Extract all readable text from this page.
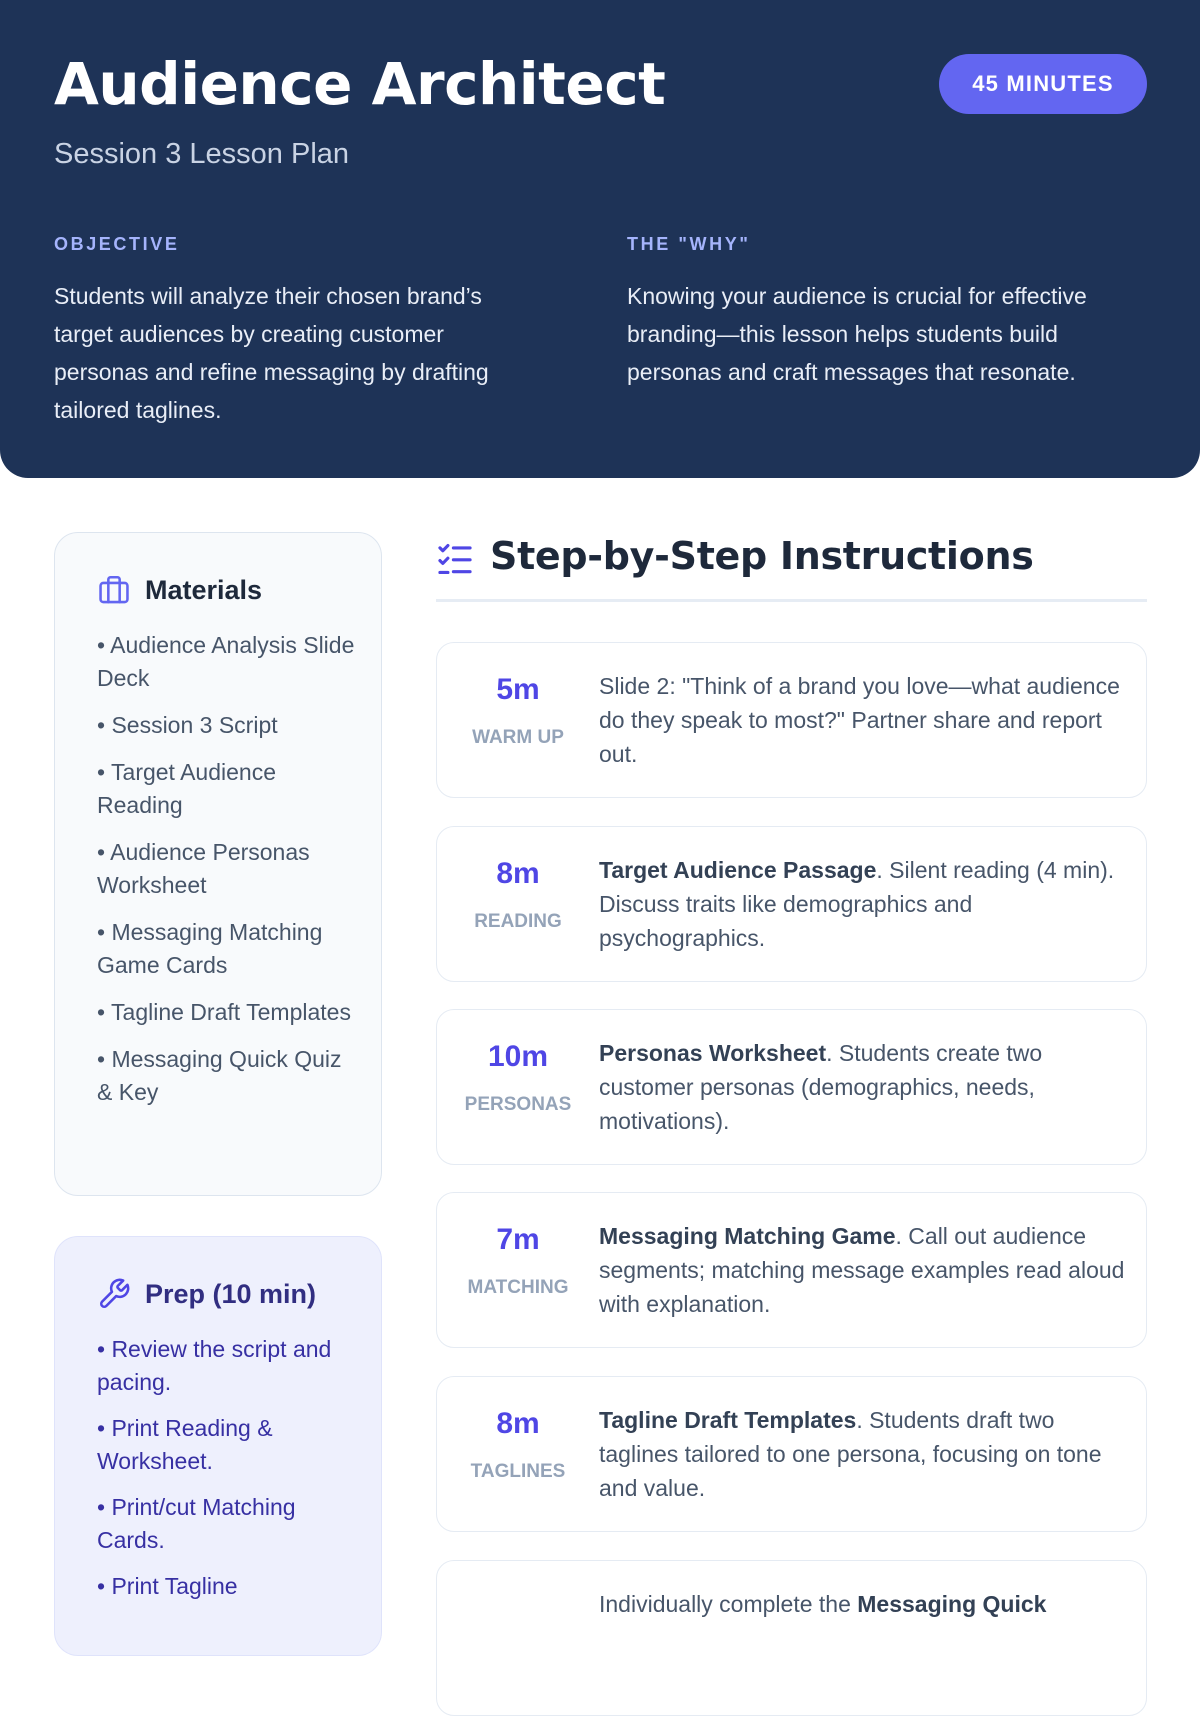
Audience Architect
Session 3 Lesson Plan
45 MINUTES
OBJECTIVE

Students will analyze their chosen brand’s target audiences by creating customer personas and refine messaging by drafting tailored taglines.

THE "WHY"

Knowing your audience is crucial for effective branding—this lesson helps students build personas and craft messages that resonate.

Materials
• Audience Analysis Slide Deck
• Session 3 Script
• Target Audience Reading
• Audience Personas Worksheet
• Messaging Matching Game Cards
• Tagline Draft Templates
• Messaging Quick Quiz & Key
Prep (10 min)
• Review the script and pacing.
• Print Reading & Worksheet.
• Print/cut Matching Cards.
• Print Tagline
Step-by-Step Instructions
5m
WARM UP
Slide 2: "Think of a brand you love—what audience do they speak to most?" Partner share and report out.
8m
READING
Target Audience Passage. Silent reading (4 min). Discuss traits like demographics and psychographics.
10m
PERSONAS
Personas Worksheet. Students create two customer personas (demographics, needs, motivations).
7m
MATCHING
Messaging Matching Game. Call out audience segments; matching message examples read aloud with explanation.
8m
TAGLINES
Tagline Draft Templates. Students draft two taglines tailored to one persona, focusing on tone and value.
Individually complete the Messaging Quick
